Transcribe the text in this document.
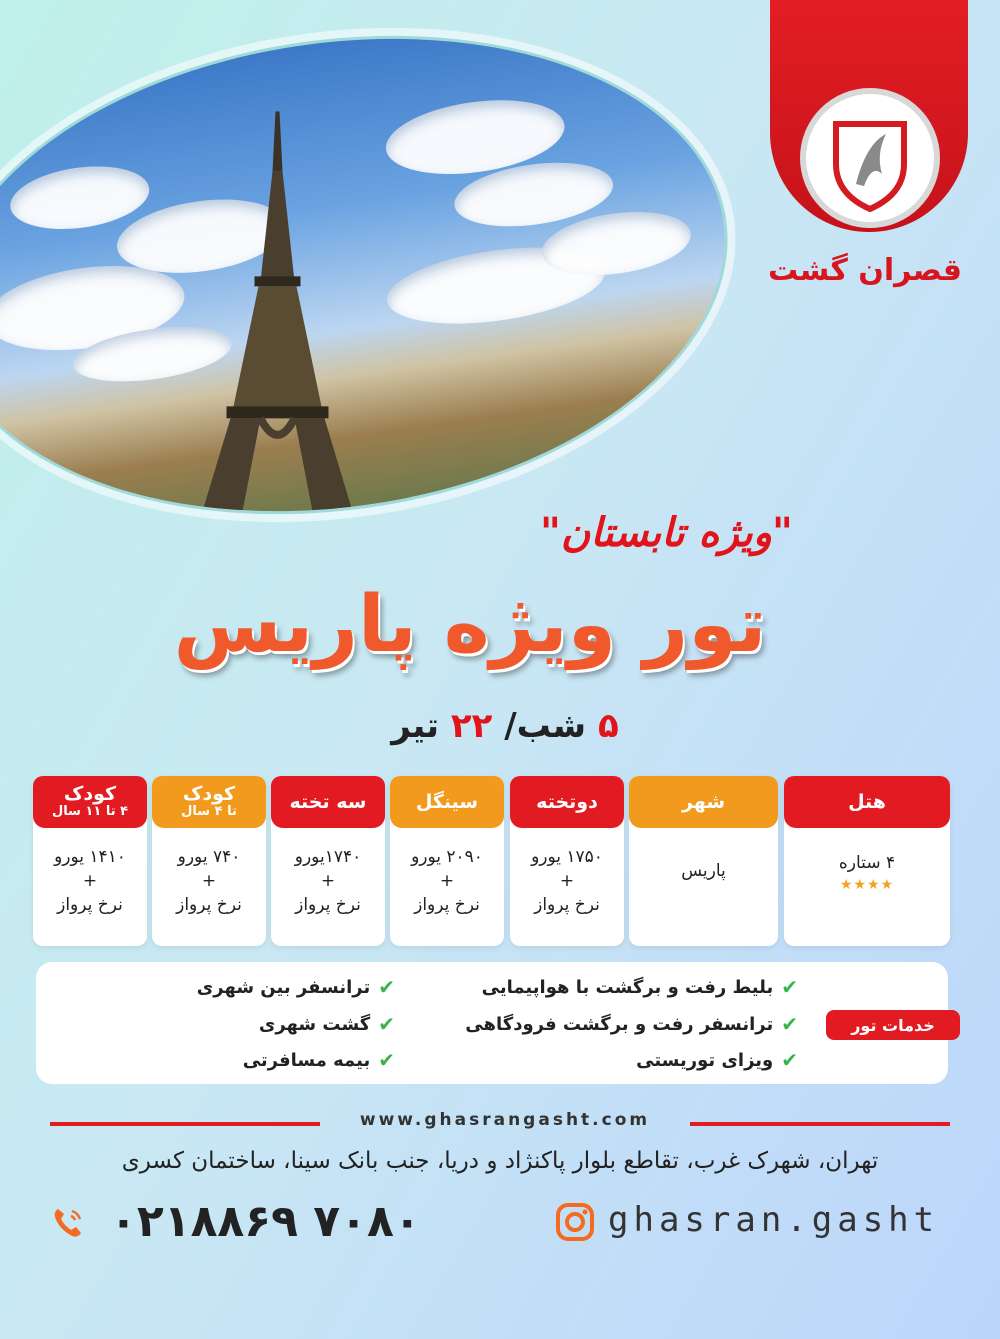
قصران گشت
"ویژه تابستان"
تور ویژه پاریس
۵ شب/ ۲۲ تیر
هتل
۴ ستاره
★★★★
شهر
پاریس
دوتخته
۱۷۵۰ یورو
+
نرخ پرواز
سینگل
۲۰۹۰ یورو
+
نرخ پرواز
سه تخته
۱۷۴۰یورو
+
نرخ پرواز
کودک
تا ۴ سال
۷۴۰ یورو
+
نرخ پرواز
کودک
۴ تا ۱۱ سال
۱۴۱۰ یورو
+
نرخ پرواز
خدمات تور
✔
بلیط رفت و برگشت با هواپیمایی
✔
ترانسفر رفت و برگشت فرودگاهی
✔
ویزای توریستی
✔
ترانسفر بین شهری
✔
گشت شهری
✔
بیمه مسافرتی
www.ghasrangasht.com
تهران، شهرک غرب، تقاطع بلوار پاکنژاد و دریا، جنب بانک سینا، ساختمان کسری
۰۲۱۸۸۶۹ ۷۰۸۰	ghasran.gasht
